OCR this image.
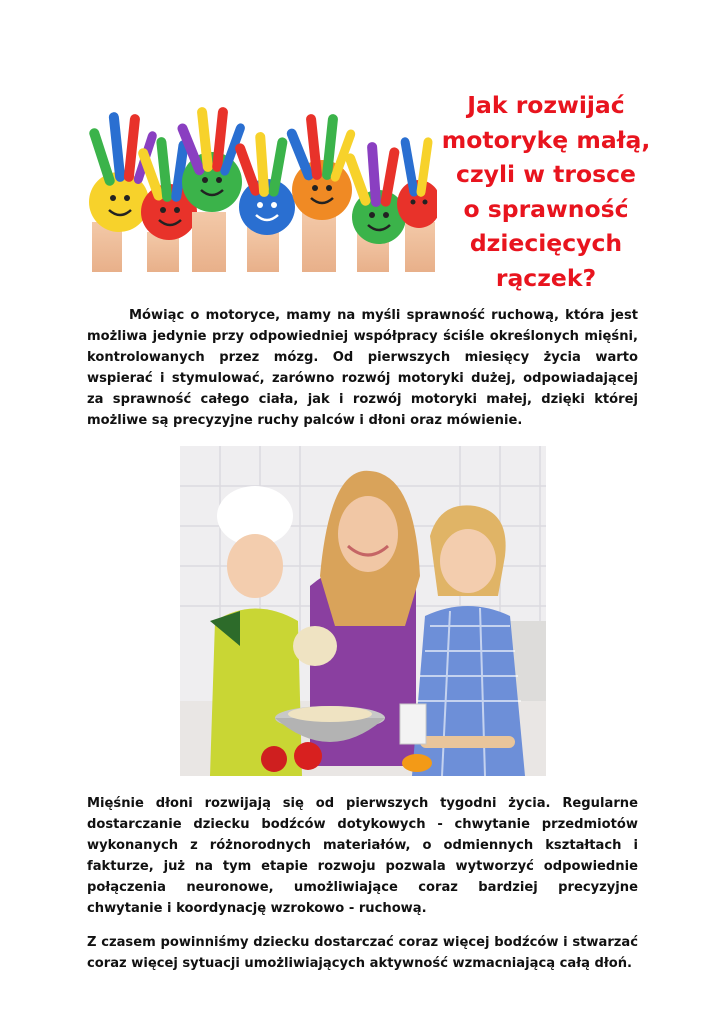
Jak rozwijać
motorykę małą,
czyli w trosce
o sprawność
dziecięcych
rączek?

Mówiąc o motoryce, mamy na myśli sprawność ruchową, która jest możliwa jedynie przy odpowiedniej współpracy ściśle określonych mięśni, kontrolowanych przez mózg. Od pierwszych miesięcy życia warto wspierać i stymulować, zarówno rozwój motoryki dużej, odpowiadającej za sprawność całego ciała, jak i rozwój motoryki małej, dzięki której możliwe są precyzyjne ruchy palców i dłoni oraz mówienie.

Mięśnie dłoni rozwijają się od pierwszych tygodni życia. Regularne dostarczanie dziecku bodźców dotykowych - chwytanie przedmiotów wykonanych z różnorodnych materiałów, o odmiennych kształtach i fakturze, już na tym etapie rozwoju pozwala wytworzyć odpowiednie połączenia neuronowe, umożliwiające coraz bardziej precyzyjne chwytanie i koordynację wzrokowo - ruchową.

Z czasem powinniśmy dziecku dostarczać coraz więcej bodźców i stwarzać coraz więcej sytuacji umożliwiających aktywność wzmacniającą całą dłoń.
